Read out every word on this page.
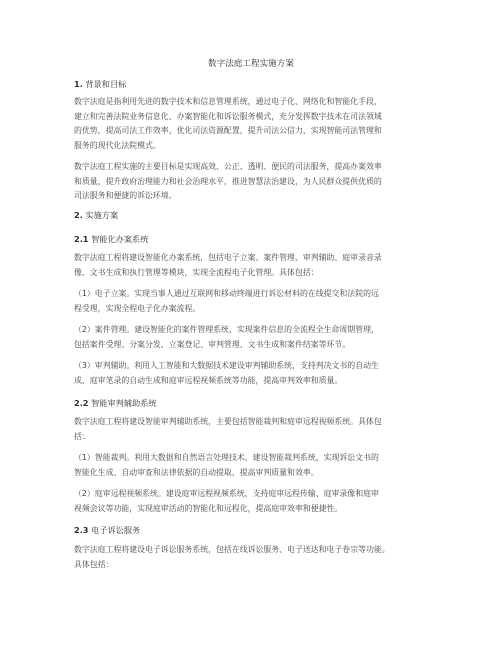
数字法庭工程实施方案
1. 背景和目标
数字法庭是指利用先进的数字技术和信息管理系统，通过电子化、网络化和智能化手段，
建立和完善法院业务信息化、办案智能化和诉讼服务模式，充分发挥数字技术在司法领域
的优势，提高司法工作效率，优化司法资源配置，提升司法公信力，实现智能司法管理和
服务的现代化法院模式。
数字法庭工程实施的主要目标是实现高效、公正、透明、便民的司法服务，提高办案效率
和质量，提升政府治理能力和社会治理水平，推进智慧法治建设，为人民群众提供优质的
司法服务和便捷的诉讼环境。
2. 实施方案
2.1 智能化办案系统
数字法庭工程将建设智能化办案系统，包括电子立案、案件管理、审判辅助、庭审录音录
像、文书生成和执行管理等模块，实现全流程电子化管理。具体包括：
（1）电子立案。实现当事人通过互联网和移动终端进行诉讼材料的在线提交和法院的远
程受理，实现全程电子化办案流程。
（2）案件管理。建设智能化的案件管理系统，实现案件信息的全流程全生命周期管理，
包括案件受理、分案分发、立案登记、审判管理、文书生成和案件结案等环节。
（3）审判辅助。利用人工智能和大数据技术建设审判辅助系统，支持判决文书的自动生
成、庭审笔录的自动生成和庭审远程视频系统等功能，提高审判效率和质量。
2.2 智能审判辅助系统
数字法庭工程将建设智能审判辅助系统，主要包括智能裁判和庭审远程视频系统。具体包
括：
（1）智能裁判。利用大数据和自然语言处理技术，建设智能裁判系统，实现诉讼文书的
智能化生成、自动审查和法律依据的自动提取，提高审判质量和效率。
（2）庭审远程视频系统。建设庭审远程视频系统，支持庭审远程传输、庭审录像和庭审
视频会议等功能，实现庭审活动的智能化和远程化，提高庭审效率和便捷性。
2.3 电子诉讼服务
数字法庭工程将建设电子诉讼服务系统，包括在线诉讼服务、电子送达和电子卷宗等功能。
具体包括：
